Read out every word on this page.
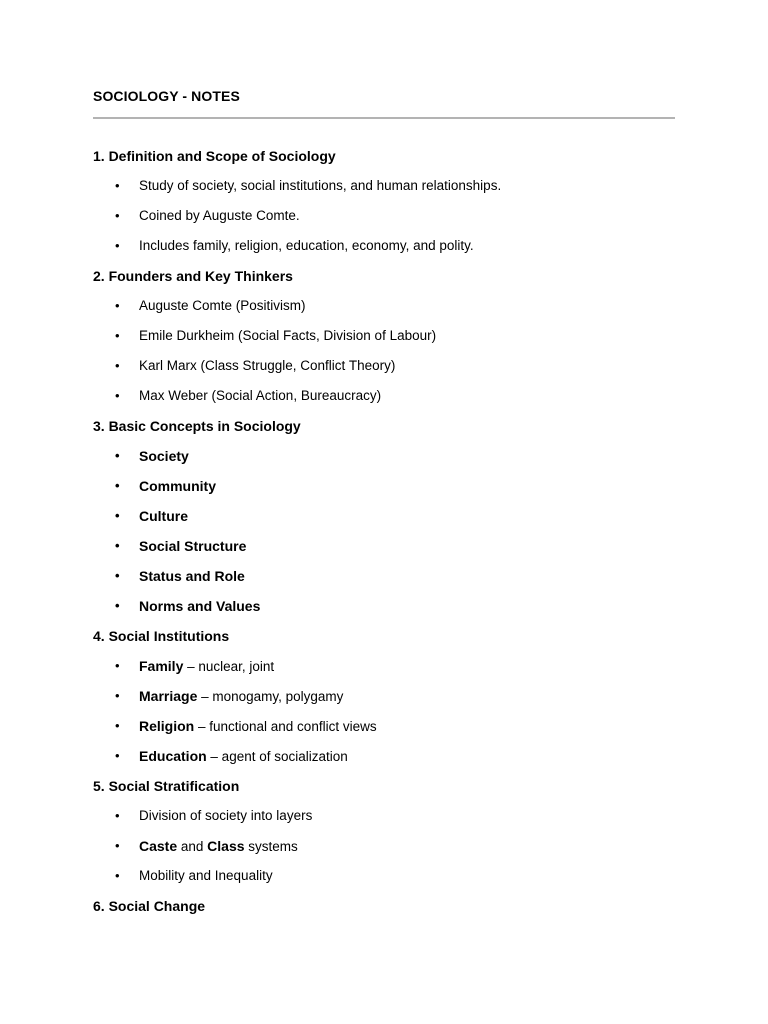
SOCIOLOGY - NOTES
1. Definition and Scope of Sociology
• Study of society, social institutions, and human relationships.
• Coined by Auguste Comte.
• Includes family, religion, education, economy, and polity.
2. Founders and Key Thinkers
• Auguste Comte (Positivism)
• Emile Durkheim (Social Facts, Division of Labour)
• Karl Marx (Class Struggle, Conflict Theory)
• Max Weber (Social Action, Bureaucracy)
3. Basic Concepts in Sociology
• Society
• Community
• Culture
• Social Structure
• Status and Role
• Norms and Values
4. Social Institutions
• Family – nuclear, joint
• Marriage – monogamy, polygamy
• Religion – functional and conflict views
• Education – agent of socialization
5. Social Stratification
• Division of society into layers
• Caste and Class systems
• Mobility and Inequality
6. Social Change
